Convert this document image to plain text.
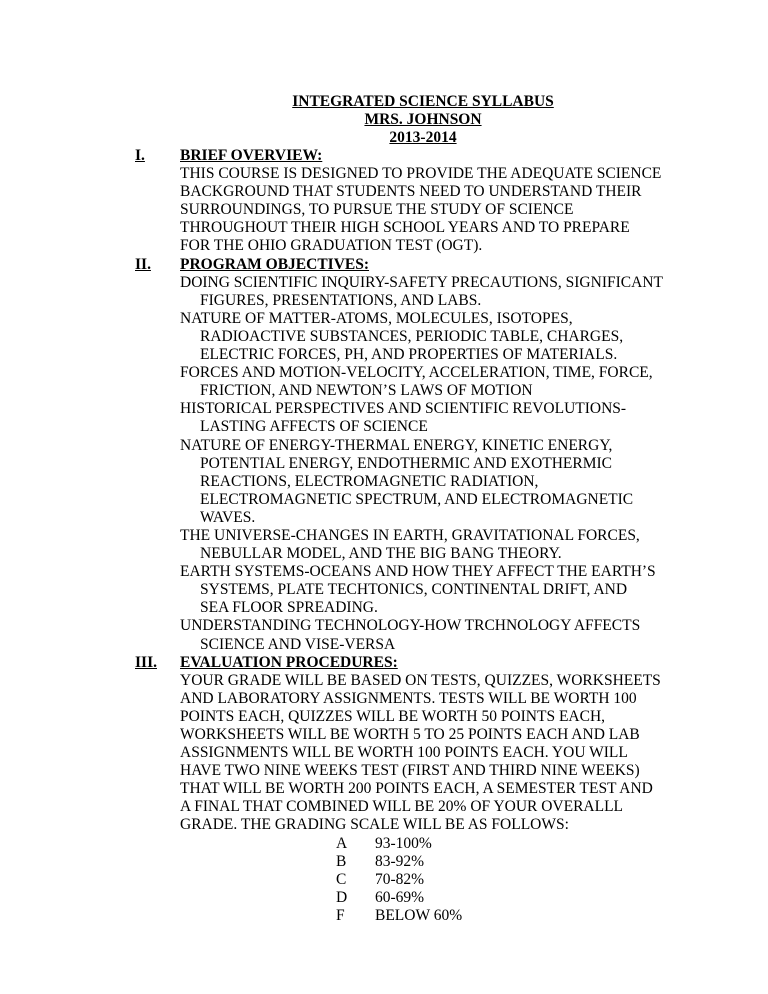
INTEGRATED SCIENCE SYLLABUS
MRS. JOHNSON
2013-2014
I.	BRIEF OVERVIEW:
THIS COURSE IS DESIGNED TO PROVIDE THE ADEQUATE SCIENCE
BACKGROUND THAT STUDENTS NEED TO UNDERSTAND THEIR
SURROUNDINGS, TO PURSUE THE STUDY OF SCIENCE
THROUGHOUT THEIR HIGH SCHOOL YEARS AND TO PREPARE
FOR THE OHIO GRADUATION TEST (OGT).
II.	PROGRAM OBJECTIVES:
DOING SCIENTIFIC INQUIRY-SAFETY PRECAUTIONS, SIGNIFICANT
FIGURES, PRESENTATIONS, AND LABS.
NATURE OF MATTER-ATOMS, MOLECULES, ISOTOPES,
RADIOACTIVE SUBSTANCES, PERIODIC TABLE, CHARGES,
ELECTRIC FORCES, PH, AND PROPERTIES OF MATERIALS.
FORCES AND MOTION-VELOCITY, ACCELERATION, TIME, FORCE,
FRICTION, AND NEWTON’S LAWS OF MOTION
HISTORICAL PERSPECTIVES AND SCIENTIFIC REVOLUTIONS-
LASTING AFFECTS OF SCIENCE
NATURE OF ENERGY-THERMAL ENERGY, KINETIC ENERGY,
POTENTIAL ENERGY, ENDOTHERMIC AND EXOTHERMIC
REACTIONS, ELECTROMAGNETIC RADIATION,
ELECTROMAGNETIC SPECTRUM, AND ELECTROMAGNETIC
WAVES.
THE UNIVERSE-CHANGES IN EARTH, GRAVITATIONAL FORCES,
NEBULLAR MODEL, AND THE BIG BANG THEORY.
EARTH SYSTEMS-OCEANS AND HOW THEY AFFECT THE EARTH’S
SYSTEMS, PLATE TECHTONICS, CONTINENTAL DRIFT, AND
SEA FLOOR SPREADING.
UNDERSTANDING TECHNOLOGY-HOW TRCHNOLOGY AFFECTS
SCIENCE AND VISE-VERSA
III.	EVALUATION PROCEDURES:
YOUR GRADE WILL BE BASED ON TESTS, QUIZZES, WORKSHEETS
AND LABORATORY ASSIGNMENTS. TESTS WILL BE WORTH 100
POINTS EACH, QUIZZES WILL BE WORTH 50 POINTS EACH,
WORKSHEETS WILL BE WORTH 5 TO 25 POINTS EACH AND LAB
ASSIGNMENTS WILL BE WORTH 100 POINTS EACH. YOU WILL
HAVE TWO NINE WEEKS TEST (FIRST AND THIRD NINE WEEKS)
THAT WILL BE WORTH 200 POINTS EACH, A SEMESTER TEST AND
A FINAL THAT COMBINED WILL BE 20% OF YOUR OVERALLL
GRADE. THE GRADING SCALE WILL BE AS FOLLOWS:
A	93-100%
B	83-92%
C	70-82%
D	60-69%
F	BELOW 60%
